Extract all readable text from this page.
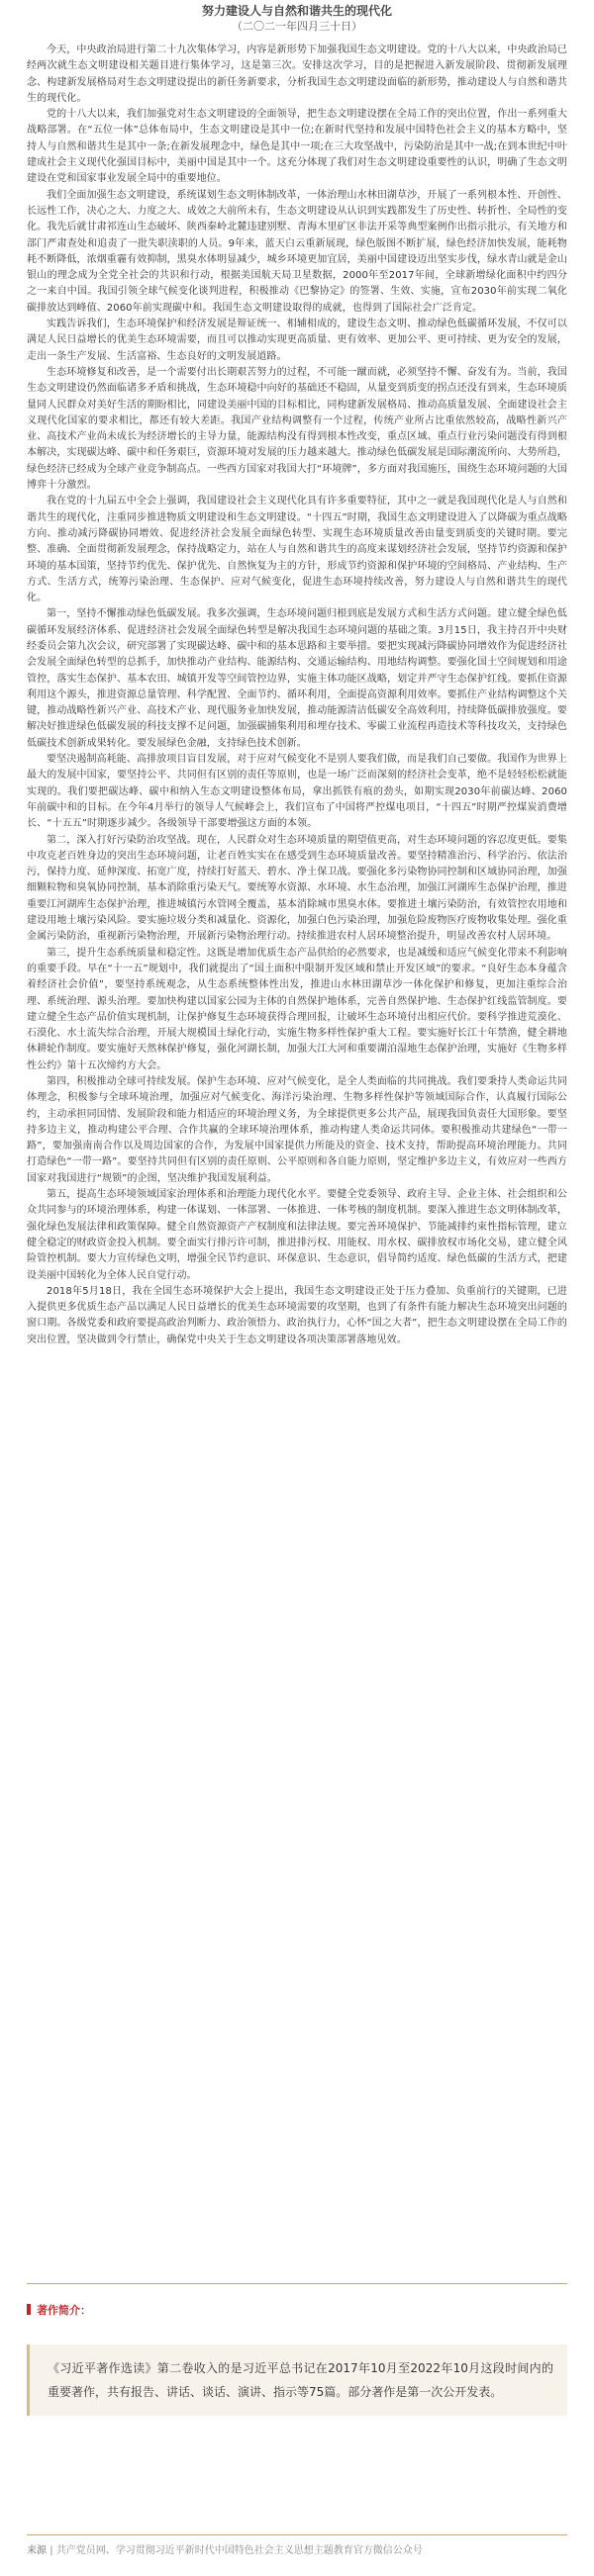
努力建设人与自然和谐共生的现代化

（二〇二一年四月三十日）

今天，中央政治局进行第二十九次集体学习，内容是新形势下加强我国生态文明建设。党的十八大以来，中央政治局已经两次就生态文明建设相关题目进行集体学习，这是第三次。安排这次学习，目的是把握进入新发展阶段、贯彻新发展理念、构建新发展格局对生态文明建设提出的新任务新要求，分析我国生态文明建设面临的新形势，推动建设人与自然和谐共生的现代化。

党的十八大以来，我们加强党对生态文明建设的全面领导，把生态文明建设摆在全局工作的突出位置，作出一系列重大战略部署。在“五位一体”总体布局中，生态文明建设是其中一位;在新时代坚持和发展中国特色社会主义的基本方略中，坚持人与自然和谐共生是其中一条;在新发展理念中，绿色是其中一项;在三大攻坚战中，污染防治是其中一战;在到本世纪中叶建成社会主义现代化强国目标中，美丽中国是其中一个。这充分体现了我们对生态文明建设重要性的认识，明确了生态文明建设在党和国家事业发展全局中的重要地位。

我们全面加强生态文明建设，系统谋划生态文明体制改革，一体治理山水林田湖草沙，开展了一系列根本性、开创性、长远性工作，决心之大、力度之大、成效之大前所未有，生态文明建设从认识到实践都发生了历史性、转折性、全局性的变化。我先后就甘肃祁连山生态破坏、陕西秦岭北麓违建别墅、青海木里矿区非法开采等典型案例作出指示批示，有关地方和部门严肃查处和追责了一批失职渎职的人员。9年来，蓝天白云重新展现，绿色版图不断扩展，绿色经济加快发展，能耗物耗不断降低，浓烟重霾有效抑制，黑臭水体明显减少，城乡环境更加宜居，美丽中国建设迈出坚实步伐，绿水青山就是金山银山的理念成为全党全社会的共识和行动，根据美国航天局卫星数据，2000年至2017年间，全球新增绿化面积中约四分之一来自中国。我国引领全球气候变化谈判进程，积极推动《巴黎协定》的签署、生效、实施，宣布2030年前实现二氧化碳排放达到峰值、2060年前实现碳中和。我国生态文明建设取得的成就，也得到了国际社会广泛肯定。

实践告诉我们，生态环境保护和经济发展是辩证统一、相辅相成的，建设生态文明、推动绿色低碳循环发展，不仅可以满足人民日益增长的优美生态环境需要，而且可以推动实现更高质量、更有效率、更加公平、更可持续、更为安全的发展，走出一条生产发展、生活富裕、生态良好的文明发展道路。

生态环境修复和改善，是一个需要付出长期艰苦努力的过程，不可能一蹴而就，必须坚持不懈、奋发有为。当前，我国生态文明建设仍然面临诸多矛盾和挑战，生态环境稳中向好的基础还不稳固，从量变到质变的拐点还没有到来，生态环境质量同人民群众对美好生活的期盼相比，同建设美丽中国的目标相比，同构建新发展格局、推动高质量发展、全面建设社会主义现代化国家的要求相比，都还有较大差距。我国产业结构调整有一个过程，传统产业所占比重依然较高，战略性新兴产业、高技术产业尚未成长为经济增长的主导力量，能源结构没有得到根本性改变，重点区域、重点行业污染问题没有得到根本解决，实现碳达峰、碳中和任务艰巨，资源环境对发展的压力越来越大。推动绿色低碳发展是国际潮流所向、大势所趋，绿色经济已经成为全球产业竞争制高点。一些西方国家对我国大打“环境牌”，多方面对我国施压，围绕生态环境问题的大国博弈十分激烈。

我在党的十九届五中全会上强调，我国建设社会主义现代化具有许多重要特征，其中之一就是我国现代化是人与自然和谐共生的现代化，注重同步推进物质文明建设和生态文明建设。“十四五”时期，我国生态文明建设进入了以降碳为重点战略方向、推动减污降碳协同增效、促进经济社会发展全面绿色转型、实现生态环境质量改善由量变到质变的关键时期。要完整、准确、全面贯彻新发展理念，保持战略定力，站在人与自然和谐共生的高度来谋划经济社会发展，坚持节约资源和保护环境的基本国策，坚持节约优先、保护优先、自然恢复为主的方针，形成节约资源和保护环境的空间格局、产业结构、生产方式、生活方式，统筹污染治理、生态保护、应对气候变化，促进生态环境持续改善，努力建设人与自然和谐共生的现代化。

第一，坚持不懈推动绿色低碳发展。我多次强调，生态环境问题归根到底是发展方式和生活方式问题。建立健全绿色低碳循环发展经济体系、促进经济社会发展全面绿色转型是解决我国生态环境问题的基础之策。3月15日，我主持召开中央财经委员会第九次会议，研究部署了实现碳达峰、碳中和的基本思路和主要举措。要把实现减污降碳协同增效作为促进经济社会发展全面绿色转型的总抓手，加快推动产业结构、能源结构、交通运输结构、用地结构调整。要强化国土空间规划和用途管控，落实生态保护、基本农田、城镇开发等空间管控边界，实施主体功能区战略，划定并严守生态保护红线。要抓住资源利用这个源头，推进资源总量管理、科学配置、全面节约、循环利用，全面提高资源利用效率。要抓住产业结构调整这个关键，推动战略性新兴产业、高技术产业、现代服务业加快发展，推动能源清洁低碳安全高效利用，持续降低碳排放强度。要解决好推进绿色低碳发展的科技支撑不足问题，加强碳捕集利用和埋存技术、零碳工业流程再造技术等科技攻关，支持绿色低碳技术创新成果转化。要发展绿色金融，支持绿色技术创新。

要坚决遏制高耗能、高排放项目盲目发展，对于应对气候变化不是别人要我们做，而是我们自己要做。我国作为世界上最大的发展中国家，要坚持公平、共同但有区别的责任等原则，也是一场广泛而深刻的经济社会变革，绝不是轻轻松松就能实现的。我们要把碳达峰、碳中和纳入生态文明建设整体布局，拿出抓铁有痕的劲头，如期实现2030年前碳达峰、2060年前碳中和的目标。在今年4月举行的领导人气候峰会上，我们宣布了中国将严控煤电项目，“十四五”时期严控煤炭消费增长、“十五五”时期逐步减少。各级领导干部要增强这方面的本领。

第二，深入打好污染防治攻坚战。现在，人民群众对生态环境质量的期望值更高，对生态环境问题的容忍度更低。要集中攻克老百姓身边的突出生态环境问题，让老百姓实实在在感受到生态环境质量改善。要坚持精准治污、科学治污、依法治污，保持力度、延伸深度、拓宽广度，持续打好蓝天、碧水、净土保卫战。要强化多污染物协同控制和区域协同治理，加强细颗粒物和臭氧协同控制，基本消除重污染天气。要统筹水资源、水环境、水生态治理，加强江河湖库生态保护治理，推进重要江河湖库生态保护治理，推进城镇污水管网全覆盖，基本消除城市黑臭水体。要推进土壤污染防治，有效管控农用地和建设用地土壤污染风险。要实施垃圾分类和减量化、资源化，加强白色污染治理，加强危险废物医疗废物收集处理。强化重金属污染防治，重视新污染物治理，开展新污染物治理行动。持续推进农村人居环境整治提升，明显改善农村人居环境。

第三，提升生态系统质量和稳定性。这既是增加优质生态产品供给的必然要求，也是减缓和适应气候变化带来不利影响的重要手段。早在“十一五”规划中，我们就提出了“国土面积中限制开发区域和禁止开发区域”的要求。“良好生态本身蕴含着经济社会价值”，要坚持系统观念，从生态系统整体性出发，推进山水林田湖草沙一体化保护和修复，更加注重综合治理、系统治理、源头治理。要加快构建以国家公园为主体的自然保护地体系，完善自然保护地、生态保护红线监管制度。要建立健全生态产品价值实现机制，让保护修复生态环境获得合理回报，让破坏生态环境付出相应代价。要科学推进荒漠化、石漠化、水土流失综合治理，开展大规模国土绿化行动，实施生物多样性保护重大工程。要实施好长江十年禁渔，健全耕地休耕轮作制度。要实施好天然林保护修复，强化河湖长制，加强大江大河和重要湖泊湿地生态保护治理，实施好《生物多样性公约》第十五次缔约方大会。

第四，积极推动全球可持续发展。保护生态环境、应对气候变化，是全人类面临的共同挑战。我们要秉持人类命运共同体理念，积极参与全球环境治理，加强应对气候变化、海洋污染治理、生物多样性保护等领域国际合作，认真履行国际公约，主动承担同国情、发展阶段和能力相适应的环境治理义务，为全球提供更多公共产品，展现我国负责任大国形象。要坚持多边主义，推动构建公平合理、合作共赢的全球环境治理体系，推动构建人类命运共同体。要积极推动共建绿色“一带一路”，要加强南南合作以及周边国家的合作，为发展中国家提供力所能及的资金、技术支持，帮助提高环境治理能力。共同打造绿色“一带一路”。要坚持共同但有区别的责任原则、公平原则和各自能力原则，坚定维护多边主义，有效应对一些西方国家对我国进行“规锁”的企图，坚决维护我国发展利益。

第五，提高生态环境领域国家治理体系和治理能力现代化水平。要健全党委领导、政府主导、企业主体、社会组织和公众共同参与的环境治理体系，构建一体谋划、一体部署、一体推进、一体考核的制度机制。要深入推进生态文明体制改革，强化绿色发展法律和政策保障。健全自然资源资产产权制度和法律法规。要完善环境保护、节能减排约束性指标管理，建立健全稳定的财政资金投入机制。要全面实行排污许可制，推进排污权、用能权、用水权、碳排放权市场化交易，建立健全风险管控机制。要大力宣传绿色文明，增强全民节约意识、环保意识、生态意识，倡导简约适度、绿色低碳的生活方式，把建设美丽中国转化为全体人民自觉行动。

2018年5月18日，我在全国生态环境保护大会上提出，我国生态文明建设正处于压力叠加、负重前行的关键期，已进入提供更多优质生态产品以满足人民日益增长的优美生态环境需要的攻坚期，也到了有条件有能力解决生态环境突出问题的窗口期。各级党委和政府要提高政治判断力、政治领悟力、政治执行力，心怀“国之大者”，把生态文明建设摆在全局工作的突出位置，坚决做到令行禁止，确保党中央关于生态文明建设各项决策部署落地见效。

著作简介：
《习近平著作选读》第二卷收入的是习近平总书记在2017年10月至2022年10月这段时间内的重要著作，共有报告、讲话、谈话、演讲、指示等75篇。部分著作是第一次公开发表。
来源 | 共产党员网、学习贯彻习近平新时代中国特色社会主义思想主题教育官方微信公众号
